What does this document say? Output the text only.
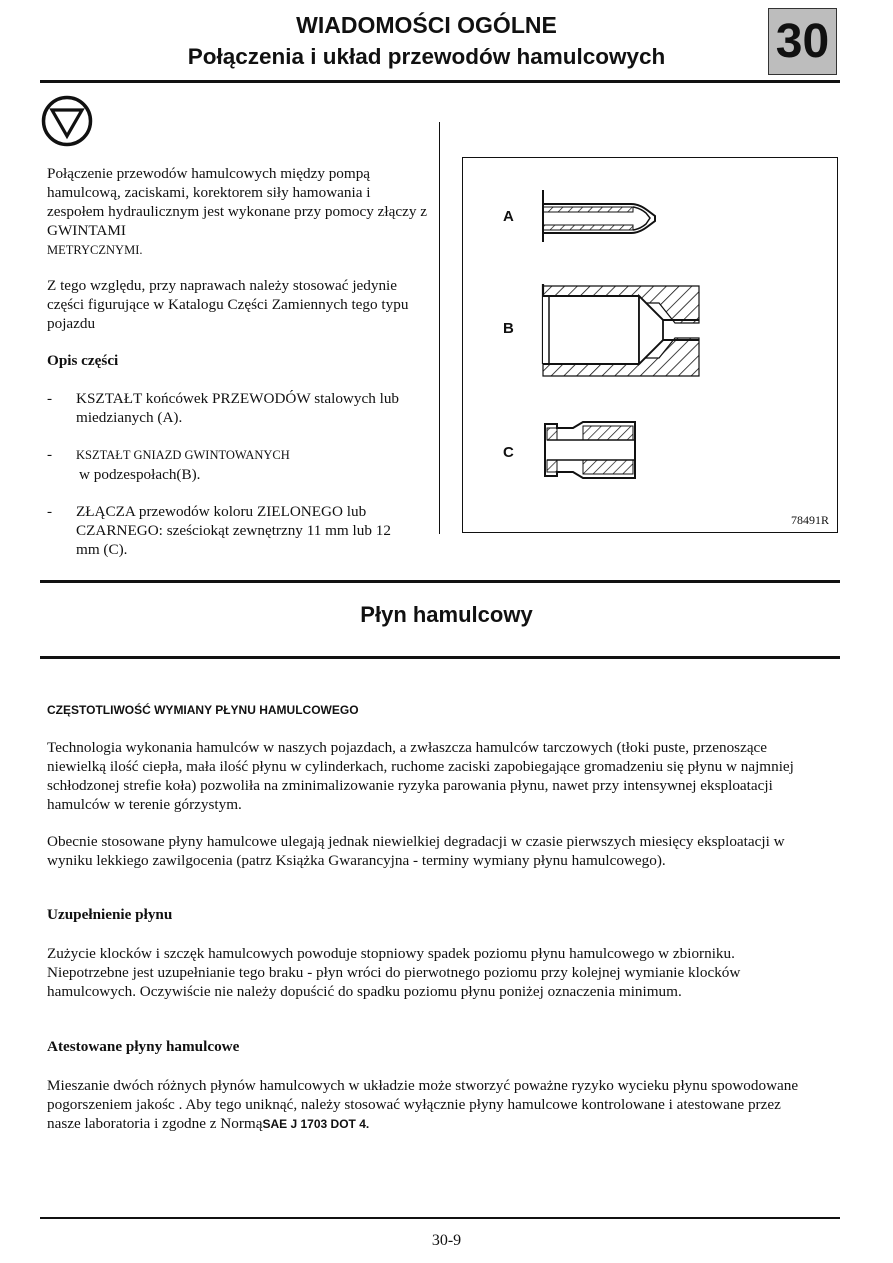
WIADOMOŚCI OGÓLNE
Połączenia i układ przewodów hamulcowych	30

Połączenie przewodów hamulcowych między pompą hamulcową, zaciskami, korektorem siły hamowania i zespołem hydraulicznym jest wykonane przy pomocy złączy z GWINTAMI
METRYCZNYMI.

Z tego względu, przy naprawach należy stosować jedynie części figurujące w Katalogu Części Zamiennych tego typu pojazdu
Opis części
- KSZTAŁT końcówek PRZEWODÓW stalowych lub miedzianych (A).
- KSZTAŁT GNIAZD GWINTOWANYCH
w podzespołach(B).
- ZŁĄCZA przewodów koloru ZIELONEGO lub CZARNEGO: sześciokąt zewnętrzny 11 mm lub 12 mm (C).
A
B
C
78491R
Płyn hamulcowy
CZĘSTOTLIWOŚĆ WYMIANY PŁYNU HAMULCOWEGO
Technologia wykonania hamulców w naszych pojazdach, a zwłaszcza hamulców tarczowych (tłoki puste, przenoszące niewielką ilość ciepła, mała ilość płynu w cylinderkach, ruchome zaciski zapobiegające gromadzeniu się płynu w najmniej schłodzonej strefie koła) pozwoliła na zminimalizowanie ryzyka parowania płynu, nawet przy intensywnej eksploatacji hamulców w terenie górzystym.
Obecnie stosowane płyny hamulcowe ulegają jednak niewielkiej degradacji w czasie pierwszych miesięcy eksploatacji w wyniku lekkiego zawilgocenia (patrz Książka Gwarancyjna - terminy wymiany płynu hamulcowego).
Uzupełnienie płynu
Zużycie klocków i szczęk hamulcowych powoduje stopniowy spadek poziomu płynu hamulcowego w zbiorniku. Niepotrzebne jest uzupełnianie tego braku - płyn wróci do pierwotnego poziomu przy kolejnej wymianie klocków hamulcowych. Oczywiście nie należy dopuścić do spadku poziomu płynu poniżej oznaczenia minimum.
Atestowane płyny hamulcowe

Mieszanie dwóch różnych płynów hamulcowych w układzie może stworzyć poważne ryzyko wycieku płynu spowodowane pogorszeniem jakośc . Aby tego uniknąć, należy stosować wyłącznie płyny hamulcowe kontrolowane i atestowane przez nasze laboratoria i zgodne z NormąSAE J 1703 DOT 4.

30-9
